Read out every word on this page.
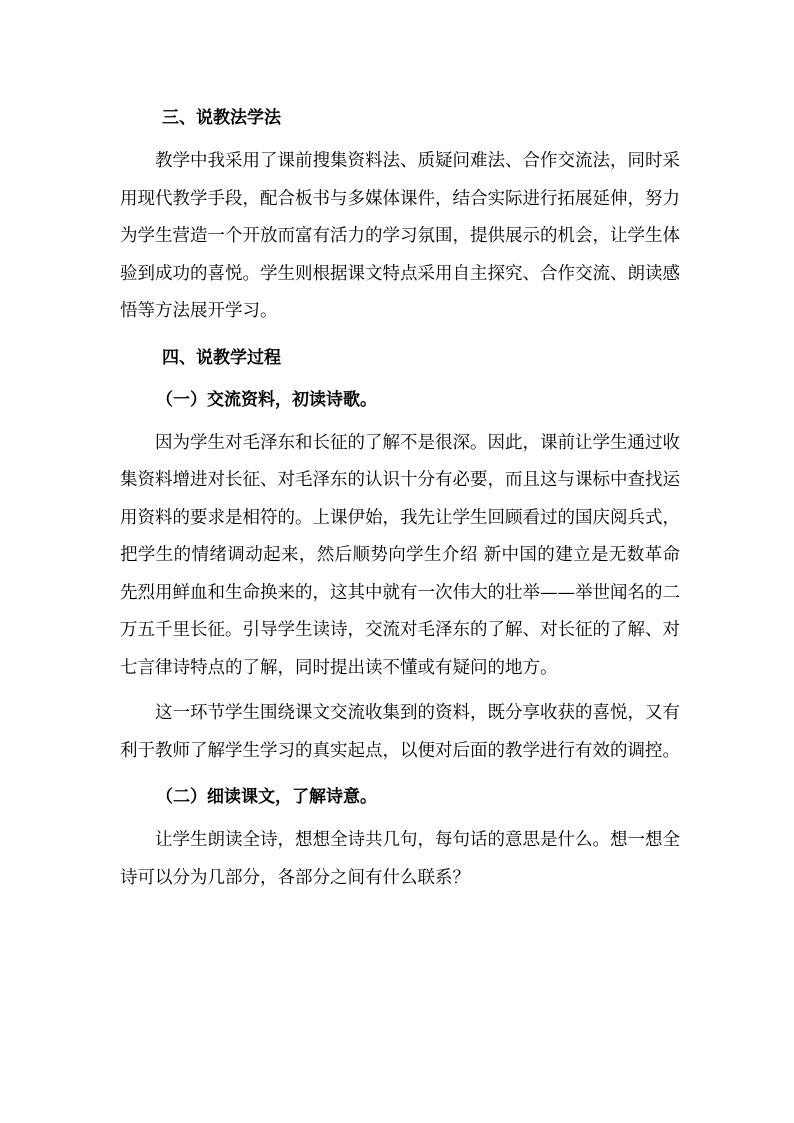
三、说教法学法

教学中我采用了课前搜集资料法、质疑问难法、合作交流法，同时采用现代教学手段，配合板书与多媒体课件，结合实际进行拓展延伸，努力为学生营造一个开放而富有活力的学习氛围，提供展示的机会，让学生体验到成功的喜悦。学生则根据课文特点采用自主探究、合作交流、朗读感悟等方法展开学习。

四、说教学过程
（一）交流资料，初读诗歌。

因为学生对毛泽东和长征的了解不是很深。因此，课前让学生通过收集资料增进对长征、对毛泽东的认识十分有必要，而且这与课标中查找运用资料的要求是相符的。上课伊始，我先让学生回顾看过的国庆阅兵式， 把学生的情绪调动起来，然后顺势向学生介绍 新中国的建立是无数革命先烈用鲜血和生命换来的，这其中就有一次伟大的壮举——举世闻名的二万五千里长征。引导学生读诗，交流对毛泽东的了解、对长征的了解、对七言律诗特点的了解，同时提出读不懂或有疑问的地方。

这一环节学生围绕课文交流收集到的资料，既分享收获的喜悦，又有利于教师了解学生学习的真实起点，以便对后面的教学进行有效的调控。

（二）细读课文，了解诗意。

让学生朗读全诗，想想全诗共几句，每句话的意思是什么。想一想全诗可以分为几部分，各部分之间有什么联系？
